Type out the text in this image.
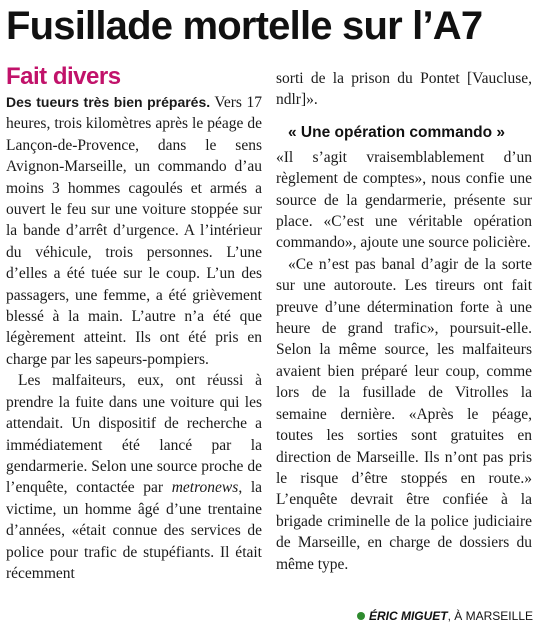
Fusillade mortelle sur l’A7
Fait divers

Des tueurs très bien préparés. Vers 17 heures, trois kilomètres après le péage de Lançon-de-Provence, dans le sens Avignon-Marseille, un commando d’au moins 3 hommes cagoulés et armés a ouvert le feu sur une voiture stoppée sur la bande d’arrêt d’urgence. A l’intérieur du véhicule, trois personnes. L’une d’elles a été tuée sur le coup. L’un des passagers, une femme, a été grièvement blessé à la main. L’autre n’a été que légèrement atteint. Ils ont été pris en charge par les sapeurs-pompiers.

Les malfaiteurs, eux, ont réussi à prendre la fuite dans une voiture qui les attendait. Un dispositif de recherche a immédiatement été lancé par la gendarmerie. Selon une source proche de l’enquête, contactée par metronews, la victime, un homme âgé d’une trentaine d’années, «était connue des services de police pour trafic de stupéfiants. Il était récemment

sorti de la prison du Pontet [Vaucluse, ndlr]».

« Une opération commando »

«Il s’agit vraisemblablement d’un règlement de comptes», nous confie une source de la gendarmerie, présente sur place. «C’est une véritable opération commando», ajoute une source policière.

«Ce n’est pas banal d’agir de la sorte sur une autoroute. Les tireurs ont fait preuve d’une détermination forte à une heure de grand trafic», poursuit-elle. Selon la même source, les malfaiteurs avaient bien préparé leur coup, comme lors de la fusillade de Vitrolles la semaine dernière. «Après le péage, toutes les sorties sont gratuites en direction de Marseille. Ils n’ont pas pris le risque d’être stoppés en route.» L’enquête devrait être confiée à la brigade criminelle de la police judiciaire de Marseille, en charge de dossiers du même type.

ÉRIC MIGUET, À MARSEILLE
